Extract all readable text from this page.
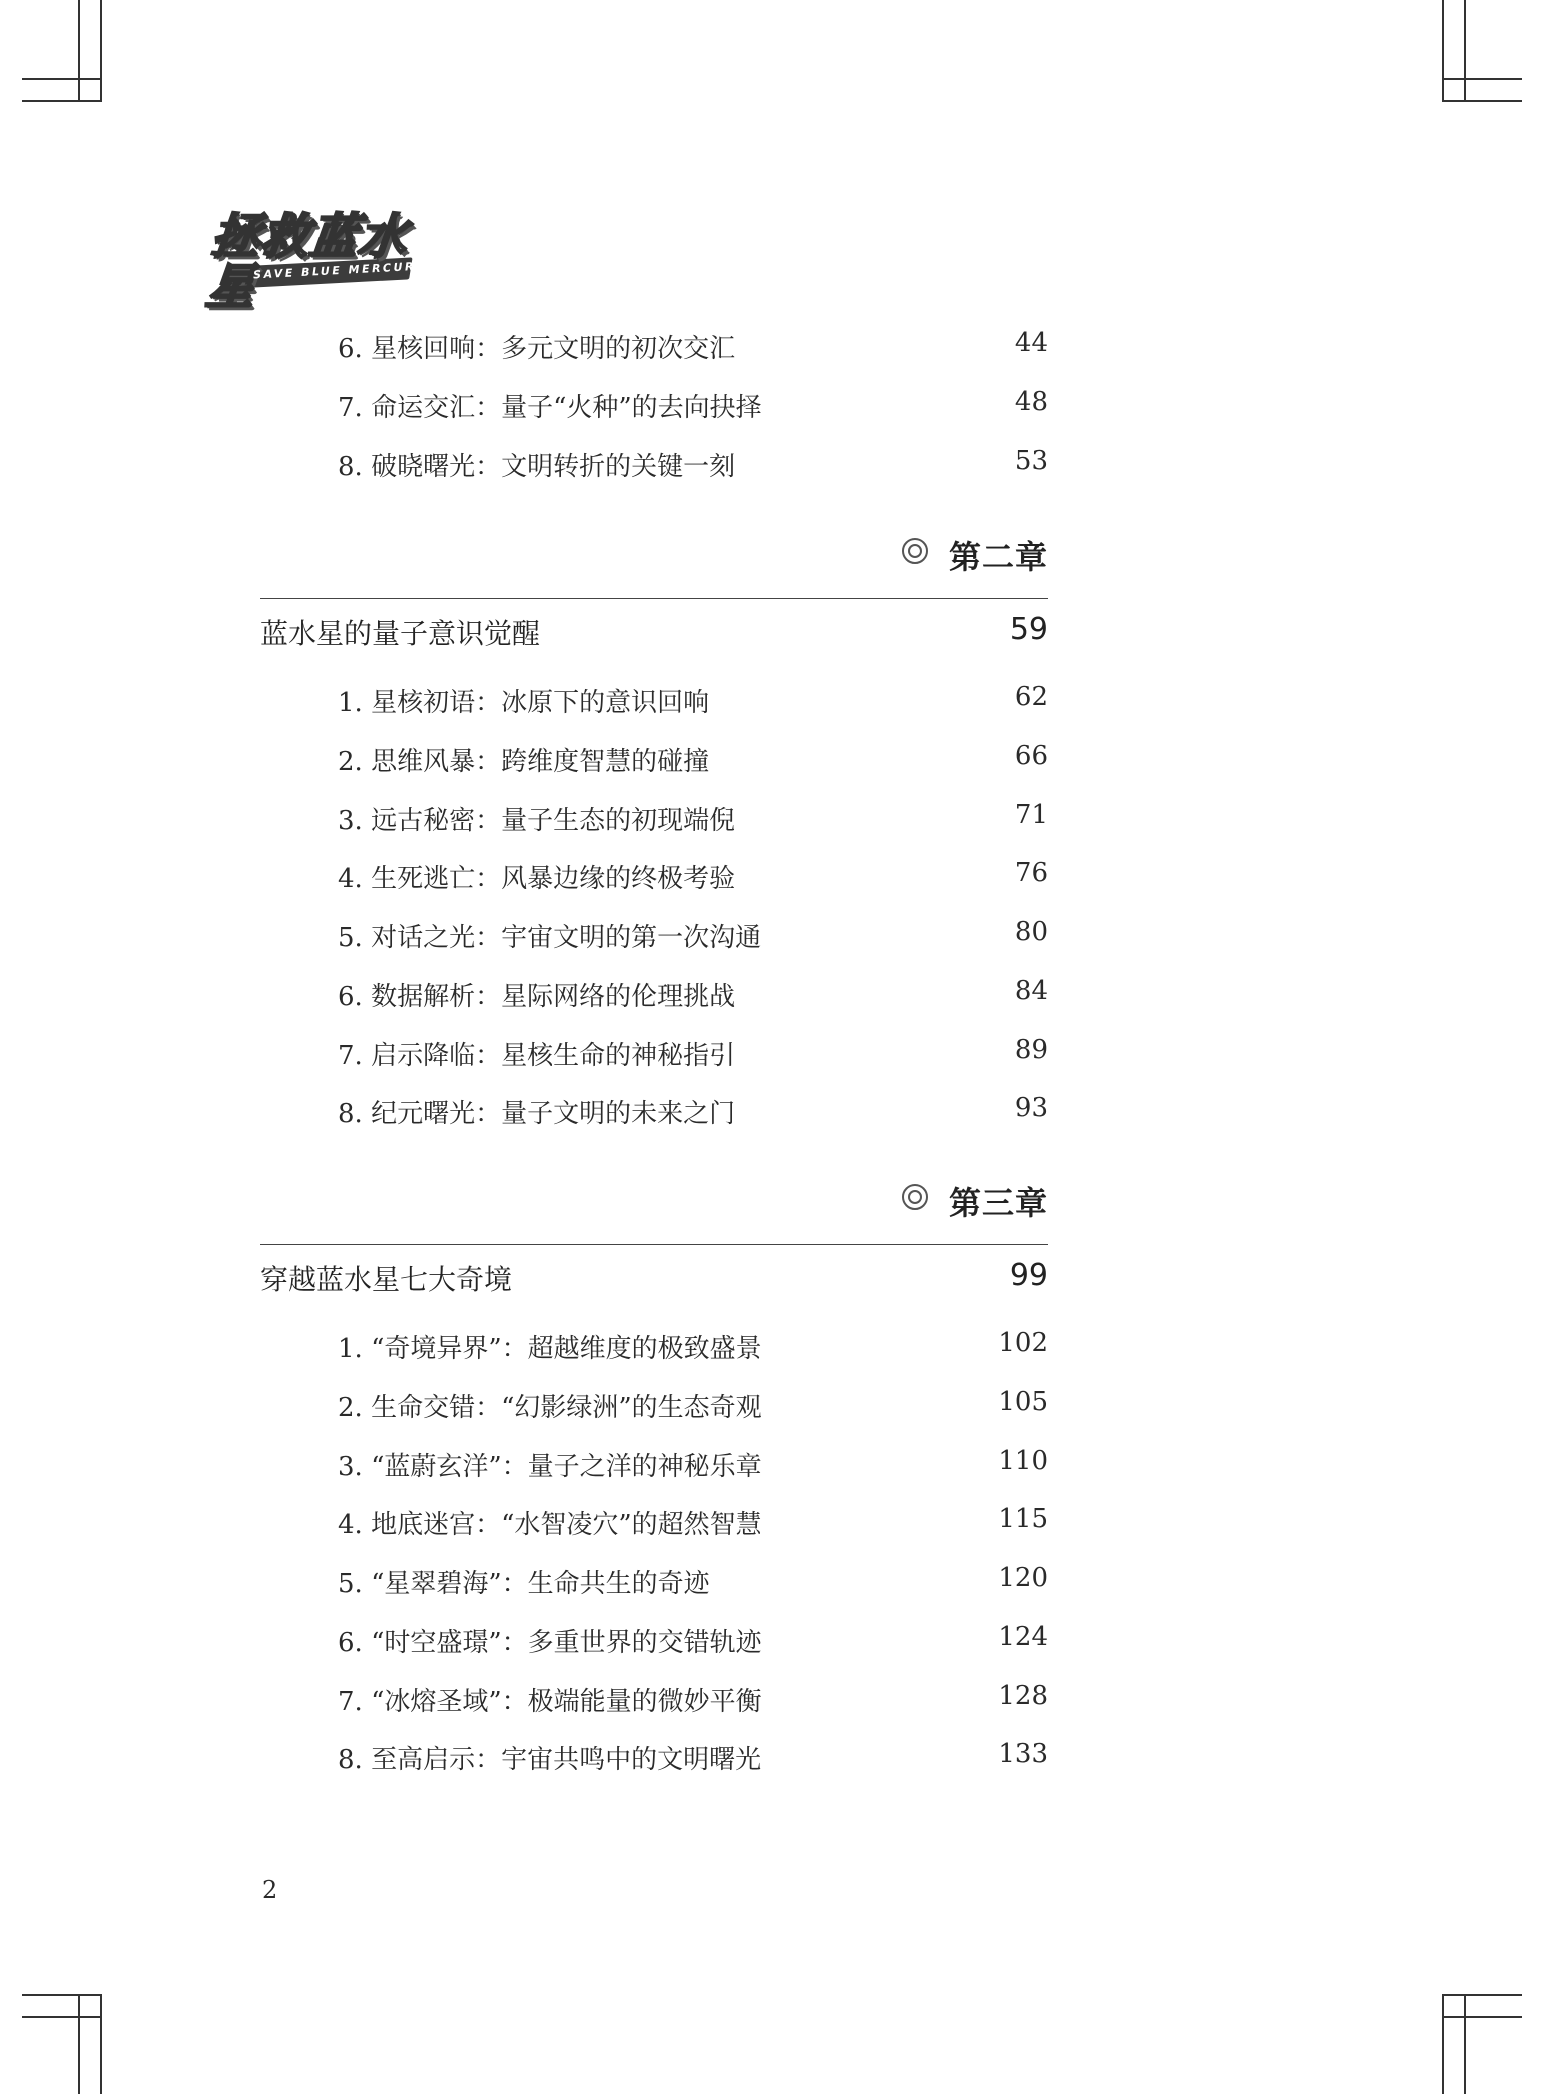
拯救蓝水星
SAVE BLUE MERCURY
6. 星核回响：多元文明的初次交汇	44
7. 命运交汇：量子“火种”的去向抉择	48
8. 破晓曙光：文明转折的关键一刻	53
第二章
蓝水星的量子意识觉醒	59
1. 星核初语：冰原下的意识回响	62
2. 思维风暴：跨维度智慧的碰撞	66
3. 远古秘密：量子生态的初现端倪	71
4. 生死逃亡：风暴边缘的终极考验	76
5. 对话之光：宇宙文明的第一次沟通	80
6. 数据解析：星际网络的伦理挑战	84
7. 启示降临：星核生命的神秘指引	89
8. 纪元曙光：量子文明的未来之门	93
第三章
穿越蓝水星七大奇境	99
1. “奇境异界”：超越维度的极致盛景	102
2. 生命交错：“幻影绿洲”的生态奇观	105
3. “蓝蔚玄洋”：量子之洋的神秘乐章	110
4. 地底迷宫：“水智凌穴”的超然智慧	115
5. “星翠碧海”：生命共生的奇迹	120
6. “时空盛璟”：多重世界的交错轨迹	124
7. “冰熔圣域”：极端能量的微妙平衡	128
8. 至高启示：宇宙共鸣中的文明曙光	133
2
